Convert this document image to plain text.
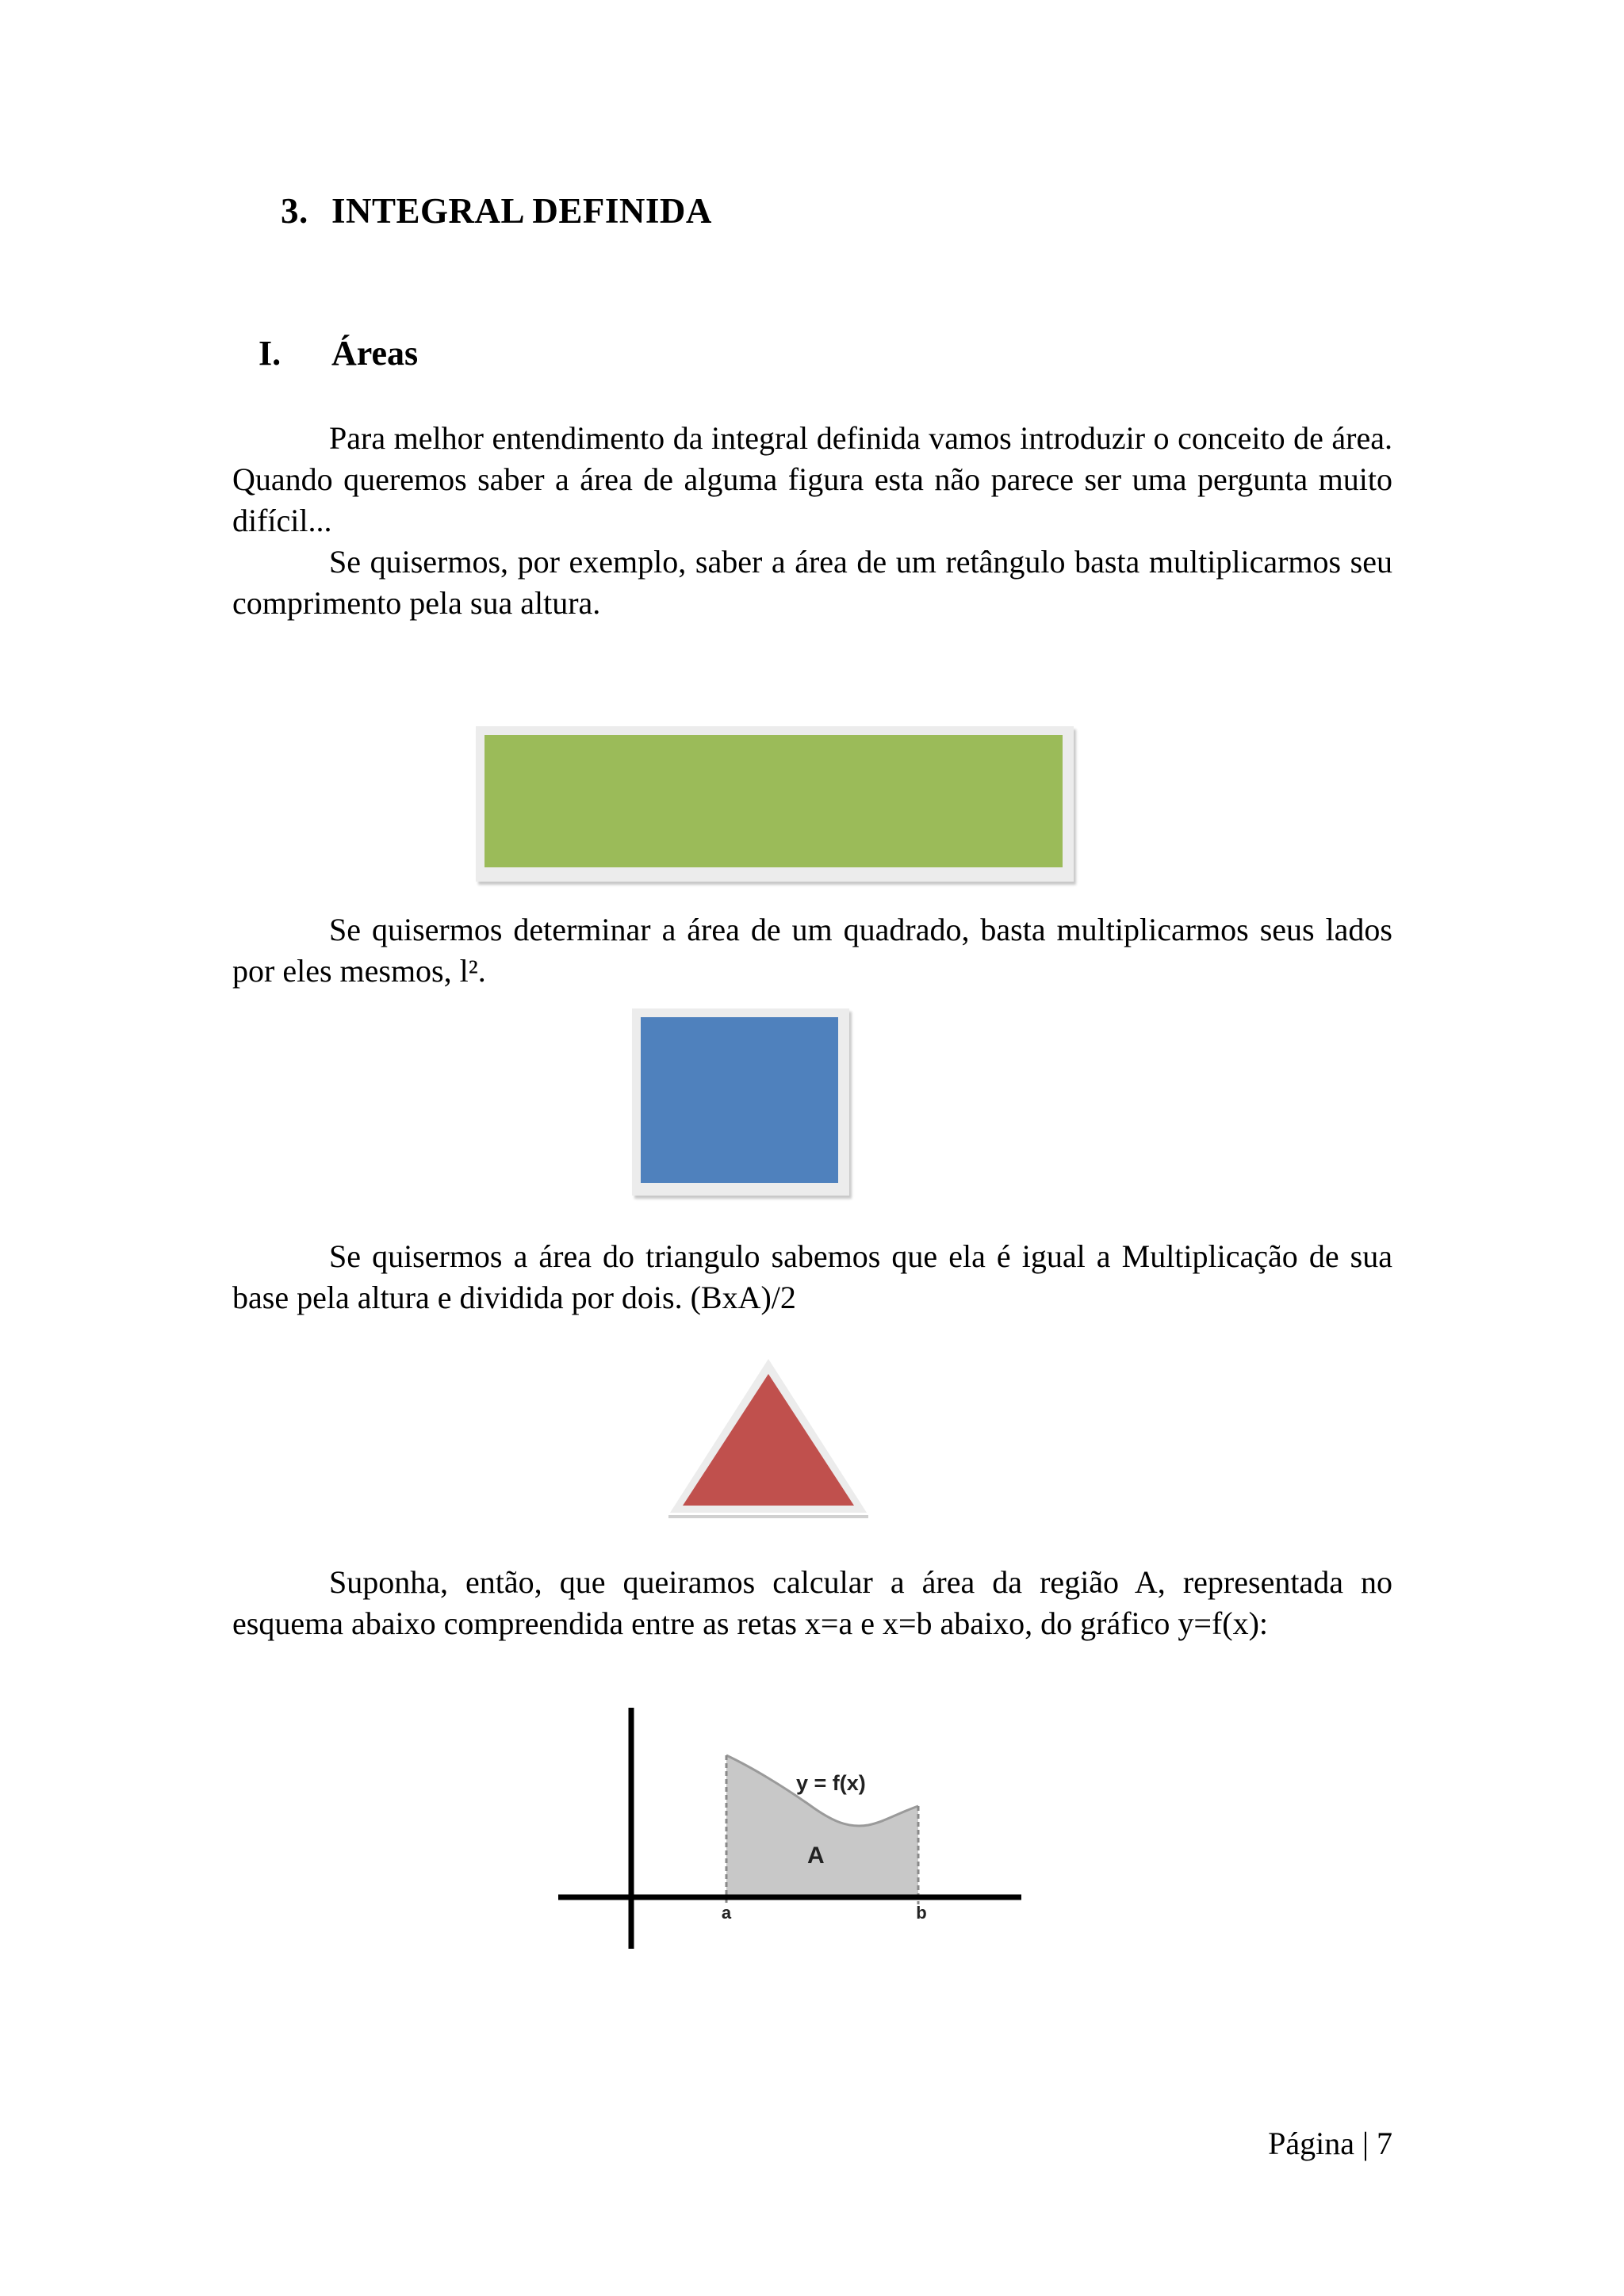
3. INTEGRAL DEFINIDA
I. Áreas

Para melhor entendimento da integral definida vamos introduzir o conceito de área. Quando queremos saber a área de alguma figura esta não parece ser uma pergunta muito difícil...

Se quisermos, por exemplo, saber a área de um retângulo basta multiplicarmos seu comprimento pela sua altura.

Se quisermos determinar a área de um quadrado, basta multiplicarmos seus lados por eles mesmos, l².

Se quisermos a área do triangulo sabemos que ela é igual a Multiplicação de sua base pela altura e dividida por dois. (BxA)/2

Suponha, então, que queiramos calcular a área da região A, representada no esquema abaixo compreendida entre as retas x=a e x=b abaixo, do gráfico y=f(x):

y = f(x)
A
a	b
Página | 7
